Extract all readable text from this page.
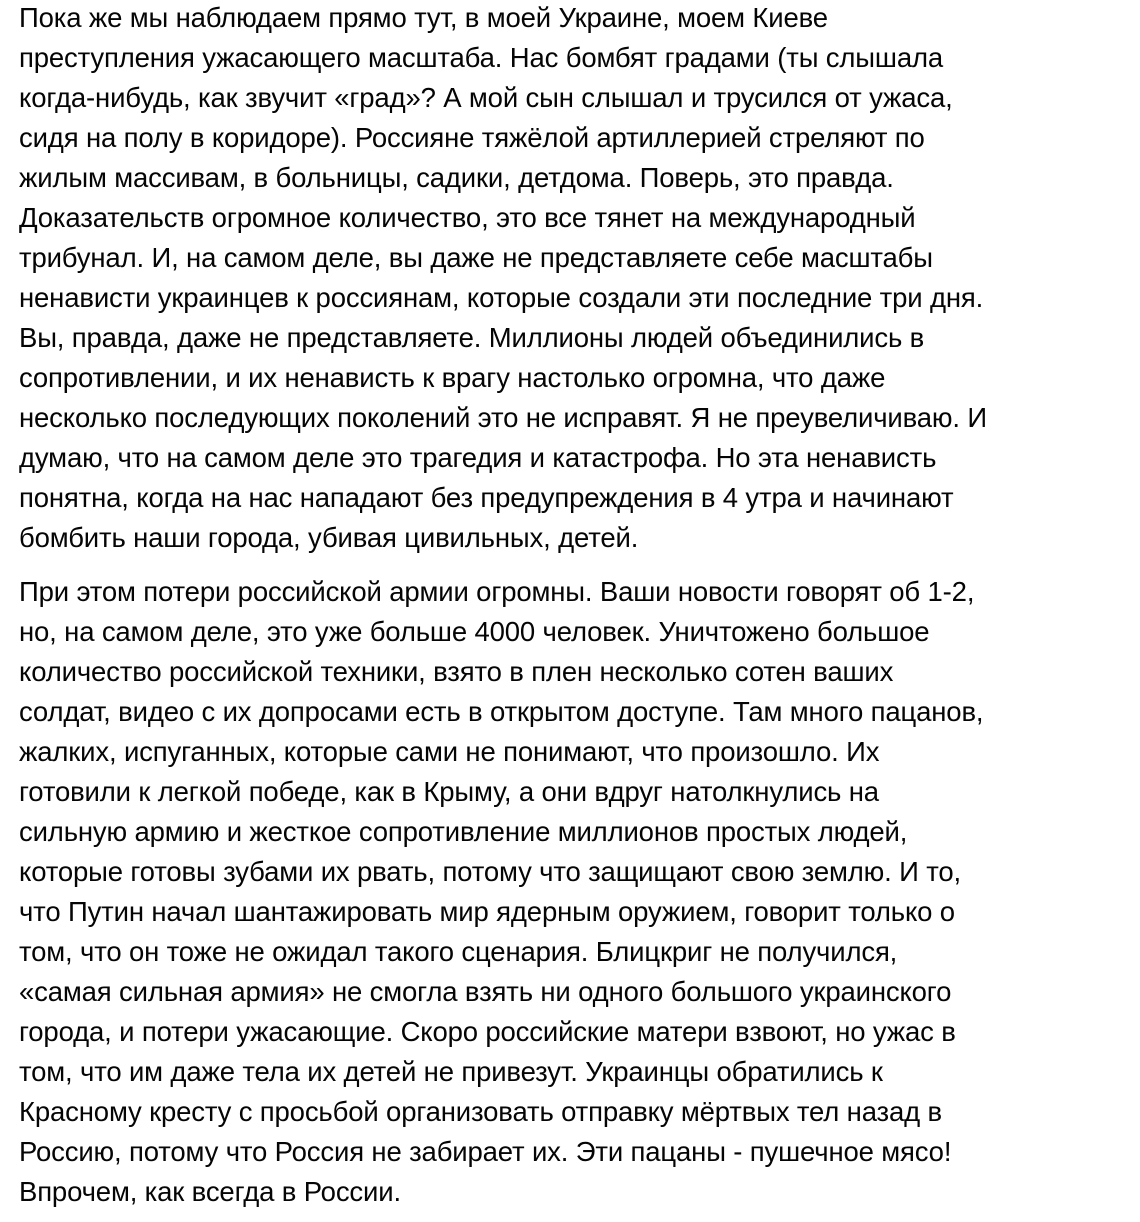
Пока же мы наблюдаем прямо тут, в моей Украине, моем Киеве
преступления ужасающего масштаба. Нас бомбят градами (ты слышала
когда-нибудь, как звучит «град»? А мой сын слышал и трусился от ужаса,
сидя на полу в коридоре). Россияне тяжёлой артиллерией стреляют по
жилым массивам, в больницы, садики, детдома. Поверь, это правда.
Доказательств огромное количество, это все тянет на международный
трибунал. И, на самом деле, вы даже не представляете себе масштабы
ненависти украинцев к россиянам, которые создали эти последние три дня.
Вы, правда, даже не представляете. Миллионы людей объединились в
сопротивлении, и их ненависть к врагу настолько огромна, что даже
несколько последующих поколений это не исправят. Я не преувеличиваю. И
думаю, что на самом деле это трагедия и катастрофа. Но эта ненависть
понятна, когда на нас нападают без предупреждения в 4 утра и начинают
бомбить наши города, убивая цивильных, детей.
При этом потери российской армии огромны. Ваши новости говорят об 1-2,
но, на самом деле, это уже больше 4000 человек. Уничтожено большое
количество российской техники, взято в плен несколько сотен ваших
солдат, видео с их допросами есть в открытом доступе. Там много пацанов,
жалких, испуганных, которые сами не понимают, что произошло. Их
готовили к легкой победе, как в Крыму, а они вдруг натолкнулись на
сильную армию и жесткое сопротивление миллионов простых людей,
которые готовы зубами их рвать, потому что защищают свою землю. И то,
что Путин начал шантажировать мир ядерным оружием, говорит только о
том, что он тоже не ожидал такого сценария. Блицкриг не получился,
«самая сильная армия» не смогла взять ни одного большого украинского
города, и потери ужасающие. Скоро российские матери взвоют, но ужас в
том, что им даже тела их детей не привезут. Украинцы обратились к
Красному кресту с просьбой организовать отправку мёртвых тел назад в
Россию, потому что Россия не забирает их. Эти пацаны - пушечное мясо!
Впрочем, как всегда в России.
